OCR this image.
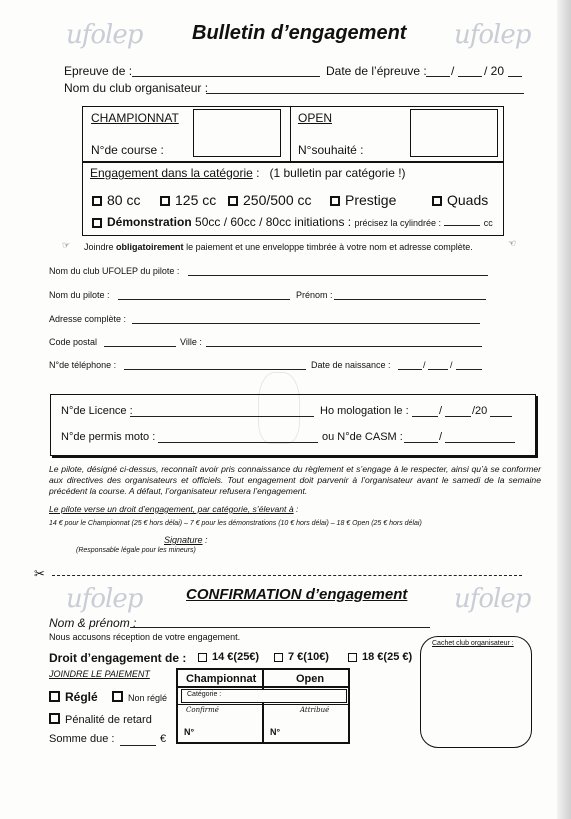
ufolep	ufolep
Bulletin d’engagement
Epreuve de :	Date de l’épreuve : / / 20
Nom du club organisateur :
CHAMPIONNAT
N°de course :
OPEN
N°souhaité :
Engagement dans la catégorie : (1 bulletin par catégorie !)
80 cc	125 cc	250/500 cc	Prestige	Quads
Démonstration 50cc / 60cc / 80cc initiations : précisez la cylindrée :	cc
☞ Joindre obligatoirement le paiement et une enveloppe timbrée à votre nom et adresse complète.	☜
Nom du club UFOLEP du pilote :
Nom du pilote :	Prénom :
Adresse complète :
Code postal	Ville :
N°de téléphone :	Date de naissance :	/	/
N°de Licence :	Ho mologation le :	/	/20
N°de permis moto :	ou N°de CASM :	/
Le pilote, désigné ci-dessus, reconnaît avoir pris connaissance du règlement et s’engage à le respecter, ainsi qu’à se conformer aux directives des organisateurs et officiels. Tout engagement doit parvenir à l’organisateur avant le samedi de la semaine précédent la course. A défaut, l’organisateur refusera l’engagement.
Le pilote verse un droit d’engagement, par catégorie, s’élevant à :
14 € pour le Championnat (25 € hors délai) – 7 € pour les démonstrations (10 € hors délai) – 18 € Open (25 € hors délai)
Signature :
(Responsable légale pour les mineurs)
✂
ufolep	ufolep
CONFIRMATION d’engagement
Nom & prénom :
Nous accusons réception de votre engagement.
Droit d’engagement de :	14 €(25€)	7 €(10€)	18 €(25 €)
Cachet club organisateur :
JOINDRE LE PAIEMENT
Réglé	Non réglé
Pénalité de retard
Somme due :	€
Championnat	Open
Catégorie :
Confirmé	Attribué
N°	N°
